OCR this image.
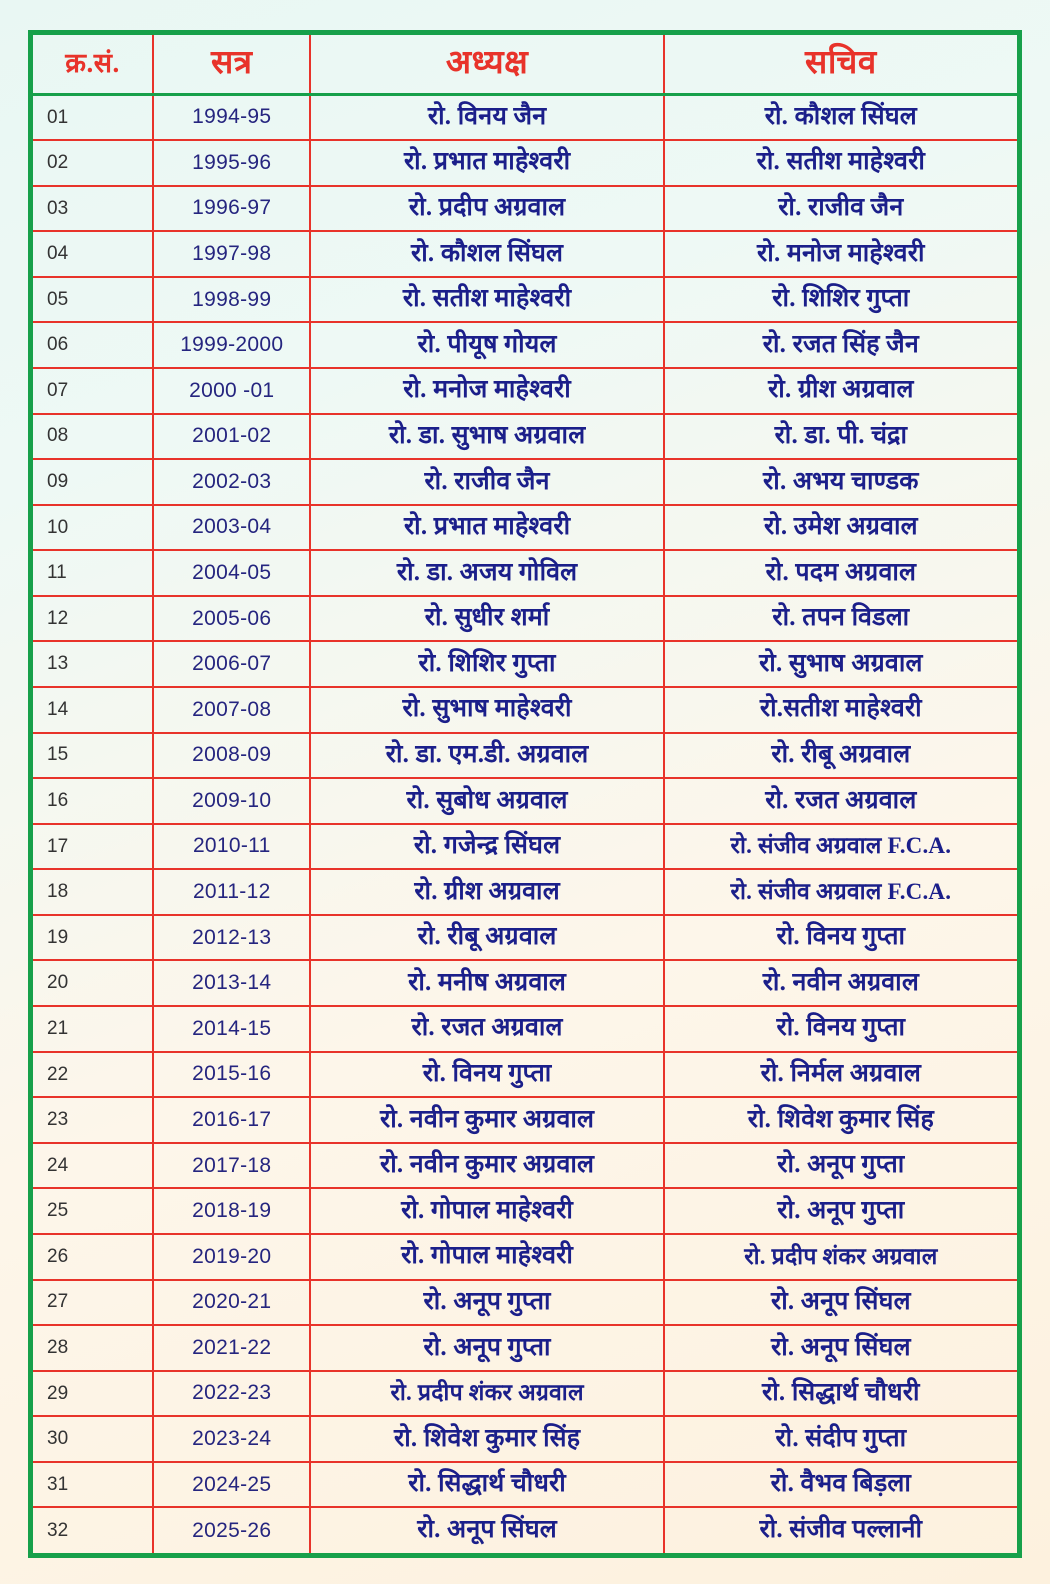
क्र.सं.	सत्र	अध्यक्ष	सचिव
01	1994-95	रो. विनय जैन	रो. कौशल सिंघल
02	1995-96	रो. प्रभात माहेश्वरी	रो. सतीश माहेश्वरी
03	1996-97	रो. प्रदीप अग्रवाल	रो. राजीव जैन
04	1997-98	रो. कौशल सिंघल	रो. मनोज माहेश्वरी
05	1998-99	रो. सतीश माहेश्वरी	रो. शिशिर गुप्ता
06	1999-2000	रो. पीयूष गोयल	रो. रजत सिंह जैन
07	2000 -01	रो. मनोज माहेश्वरी	रो. ग्रीश अग्रवाल
08	2001-02	रो. डा. सुभाष अग्रवाल	रो. डा. पी. चंद्रा
09	2002-03	रो. राजीव जैन	रो. अभय चाण्डक
10	2003-04	रो. प्रभात माहेश्वरी	रो. उमेश अग्रवाल
11	2004-05	रो. डा. अजय गोविल	रो. पदम अग्रवाल
12	2005-06	रो. सुधीर शर्मा	रो. तपन विडला
13	2006-07	रो. शिशिर गुप्ता	रो. सुभाष अग्रवाल
14	2007-08	रो. सुभाष माहेश्वरी	रो.सतीश माहेश्वरी
15	2008-09	रो. डा. एम.डी. अग्रवाल	रो. रीबू अग्रवाल
16	2009-10	रो. सुबोध अग्रवाल	रो. रजत अग्रवाल
17	2010-11	रो. गजेन्द्र सिंघल	रो. संजीव अग्रवाल F.C.A.
18	2011-12	रो. ग्रीश अग्रवाल	रो. संजीव अग्रवाल F.C.A.
19	2012-13	रो. रीबू अग्रवाल	रो. विनय गुप्ता
20	2013-14	रो. मनीष अग्रवाल	रो. नवीन अग्रवाल
21	2014-15	रो. रजत अग्रवाल	रो. विनय गुप्ता
22	2015-16	रो. विनय गुप्ता	रो. निर्मल अग्रवाल
23	2016-17	रो. नवीन कुमार अग्रवाल	रो. शिवेश कुमार सिंह
24	2017-18	रो. नवीन कुमार अग्रवाल	रो. अनूप गुप्ता
25	2018-19	रो. गोपाल माहेश्वरी	रो. अनूप गुप्ता
26	2019-20	रो. गोपाल माहेश्वरी	रो. प्रदीप शंकर अग्रवाल
27	2020-21	रो. अनूप गुप्ता	रो. अनूप सिंघल
28	2021-22	रो. अनूप गुप्ता	रो. अनूप सिंघल
29	2022-23	रो. प्रदीप शंकर अग्रवाल	रो. सिद्धार्थ चौधरी
30	2023-24	रो. शिवेश कुमार सिंह	रो. संदीप गुप्ता
31	2024-25	रो. सिद्धार्थ चौधरी	रो. वैभव बिड़ला
32	2025-26	रो. अनूप सिंघल	रो. संजीव पल्लानी
